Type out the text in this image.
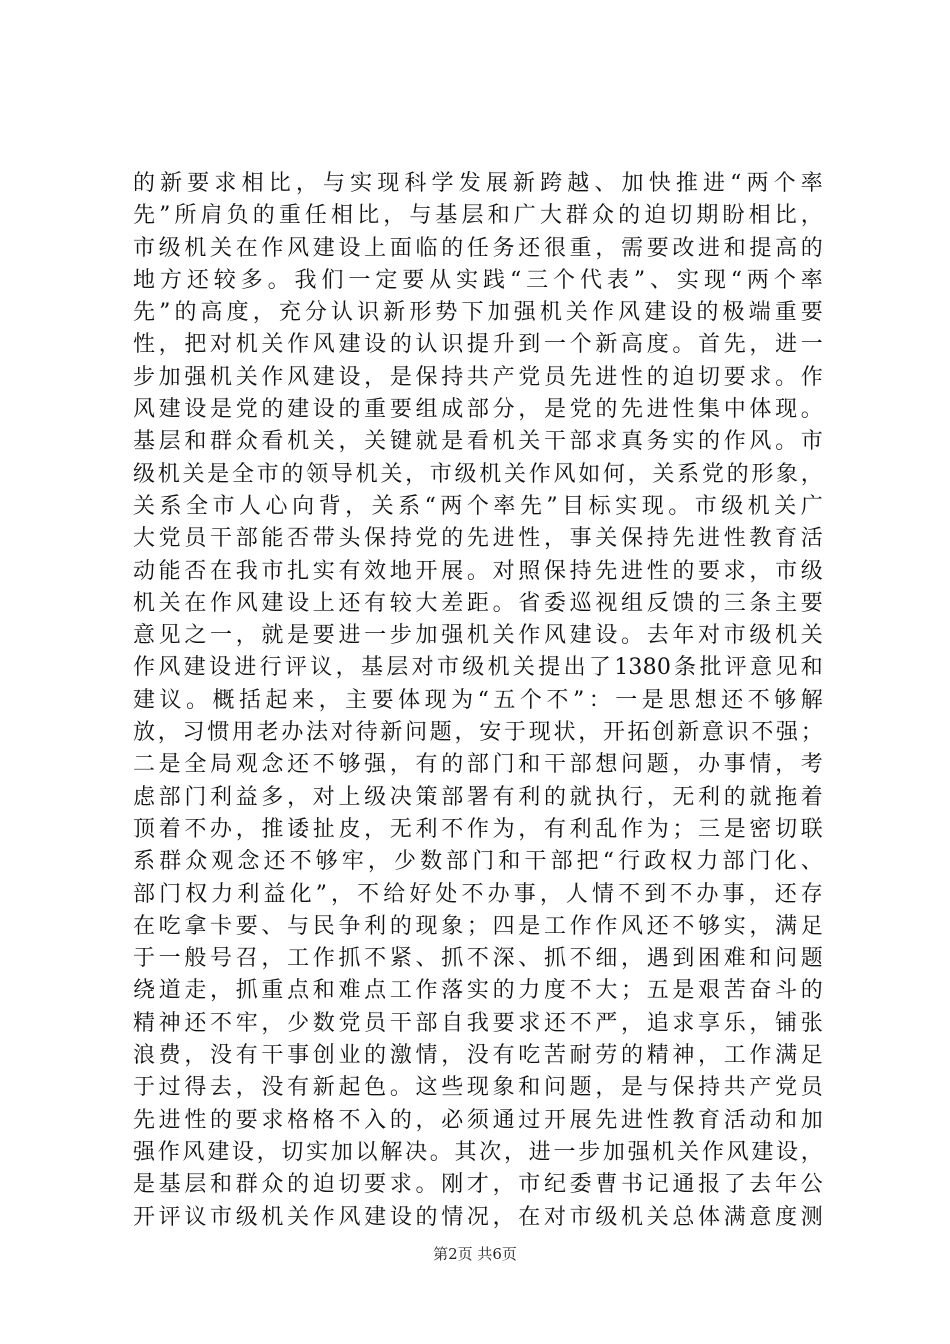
的新要求相比，与实现科学发展新跨越、加快推进“两个率
先”所肩负的重任相比，与基层和广大群众的迫切期盼相比，
市级机关在作风建设上面临的任务还很重，需要改进和提高的
地方还较多。我们一定要从实践“三个代表”、实现“两个率
先”的高度，充分认识新形势下加强机关作风建设的极端重要
性，把对机关作风建设的认识提升到一个新高度。首先，进一
步加强机关作风建设，是保持共产党员先进性的迫切要求。作
风建设是党的建设的重要组成部分，是党的先进性集中体现。
基层和群众看机关，关键就是看机关干部求真务实的作风。市
级机关是全市的领导机关，市级机关作风如何，关系党的形象，
关系全市人心向背，关系“两个率先”目标实现。市级机关广
大党员干部能否带头保持党的先进性，事关保持先进性教育活
动能否在我市扎实有效地开展。对照保持先进性的要求，市级
机关在作风建设上还有较大差距。省委巡视组反馈的三条主要
意见之一，就是要进一步加强机关作风建设。去年对市级机关
作风建设进行评议，基层对市级机关提出了1380条批评意见和
建议。概括起来，主要体现为“五个不”：一是思想还不够解
放，习惯用老办法对待新问题，安于现状，开拓创新意识不强；
二是全局观念还不够强，有的部门和干部想问题，办事情，考
虑部门利益多，对上级决策部署有利的就执行，无利的就拖着
顶着不办，推诿扯皮，无利不作为，有利乱作为；三是密切联
系群众观念还不够牢，少数部门和干部把“行政权力部门化、
部门权力利益化”，不给好处不办事，人情不到不办事，还存
在吃拿卡要、与民争利的现象；四是工作作风还不够实，满足
于一般号召，工作抓不紧、抓不深、抓不细，遇到困难和问题
绕道走，抓重点和难点工作落实的力度不大；五是艰苦奋斗的
精神还不牢，少数党员干部自我要求还不严，追求享乐，铺张
浪费，没有干事创业的激情，没有吃苦耐劳的精神，工作满足
于过得去，没有新起色。这些现象和问题，是与保持共产党员
先进性的要求格格不入的，必须通过开展先进性教育活动和加
强作风建设，切实加以解决。其次，进一步加强机关作风建设，
是基层和群众的迫切要求。刚才，市纪委曹书记通报了去年公
开评议市级机关作风建设的情况，在对市级机关总体满意度测
第2页 共6页
